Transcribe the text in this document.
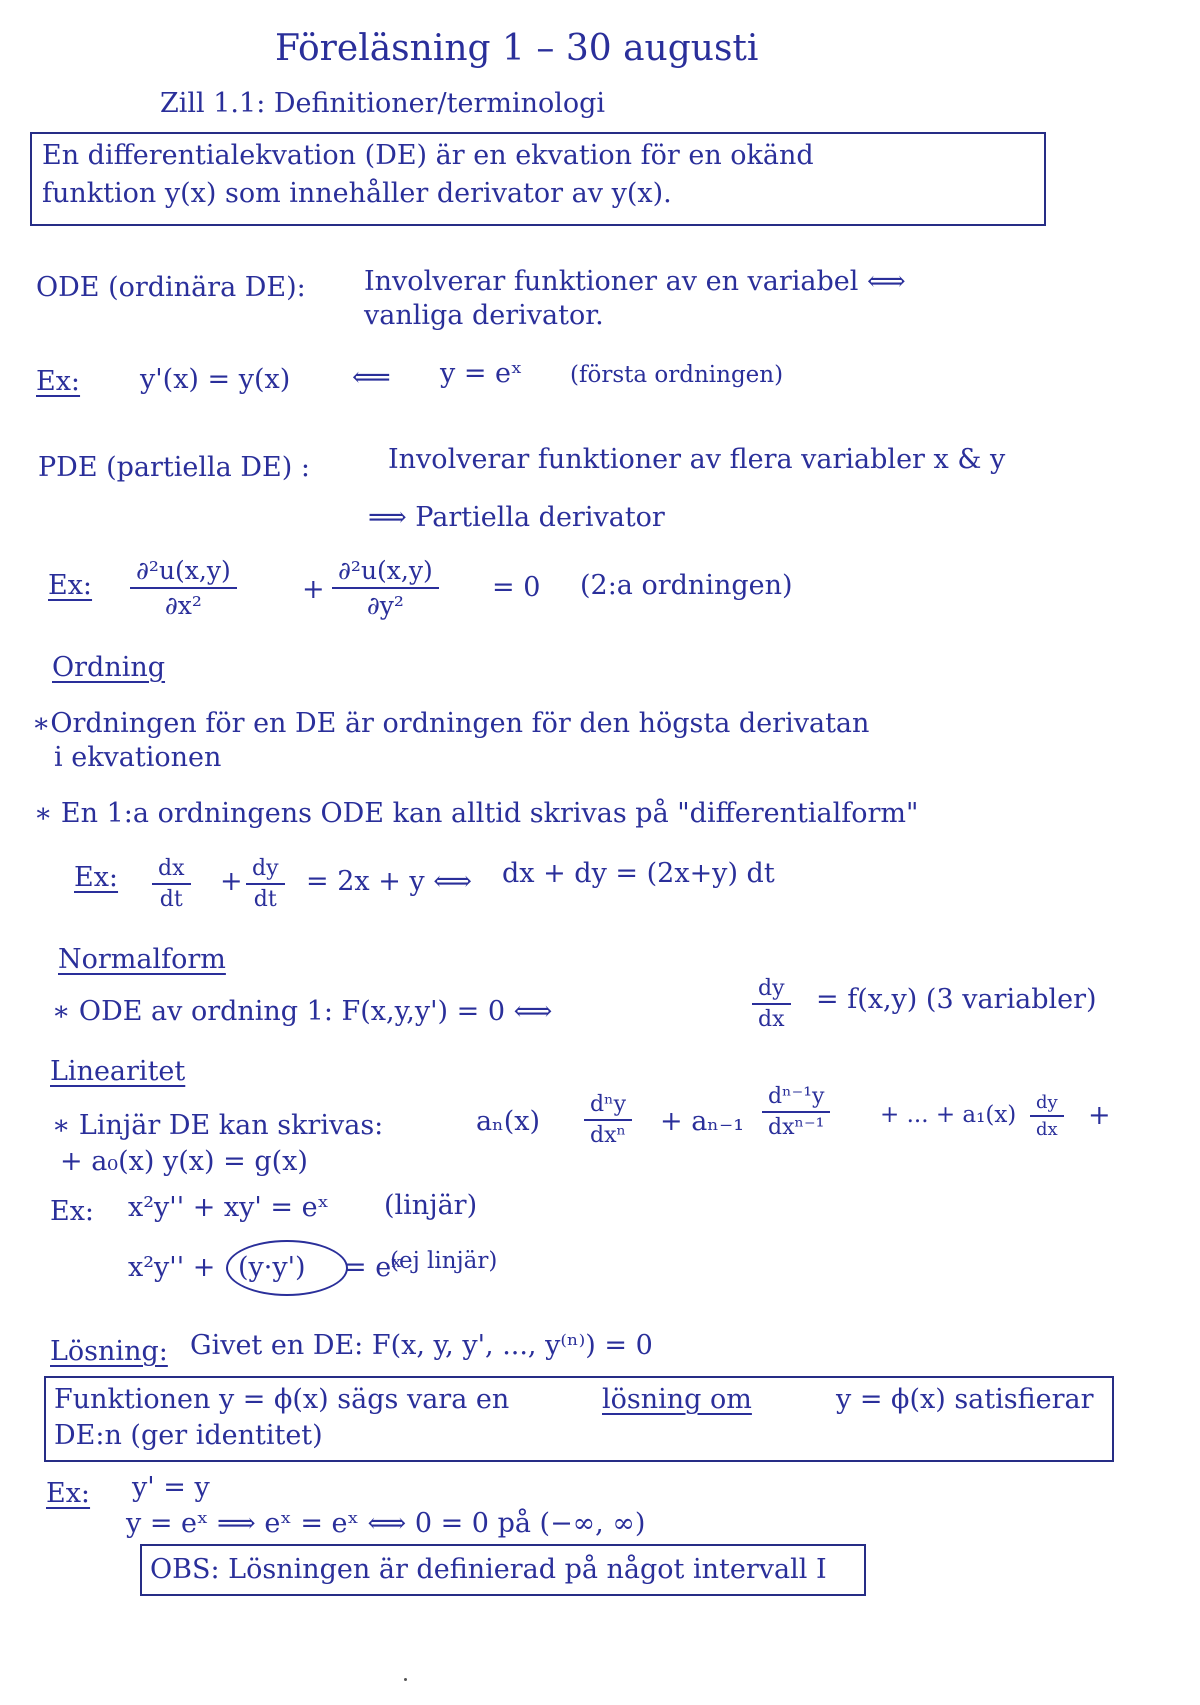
Föreläsning 1 – 30 augusti
Zill 1.1: Definitioner/terminologi
En differentialekvation (DE) är en ekvation för en okänd
funktion y(x) som innehåller derivator av y(x).
ODE (ordinära DE): Involverar funktioner av en variabel ⟺
vanliga derivator.
Ex: y'(x) = y(x) ⟸ y = eˣ (första ordningen)
PDE (partiella DE) :	Involverar funktioner av flera variabler x & y
⟹ Partiella derivator
Ex: $\frac{\text{∂²u(x,y)}}{\text{∂x²}} + \frac{\text{∂²u(x,y)}}{\text{∂y²}} = 0$ (2:a ordningen)
Ordning
∗Ordningen för en DE är ordningen för den högsta derivatan
i ekvationen
∗ En 1:a ordningens ODE kan alltid skrivas på "differentialform"
Ex: $\frac{dx}{dt} + \frac{dy}{dt} = 2x + y$ ⟺ dx + dy = (2x+y) dt
Normalform
∗ ODE av ordning 1: F(x,y,y') = 0 ⟺	$\frac{dy}{dx} = f(x,y)$ (3 variabler)
Linearitet
∗ Linjär DE kan skrivas:	aₙ(x)
dⁿy
dxⁿ + aₙ₋₁
dⁿ⁻¹y
dxⁿ⁻¹ + ... + $a_1(x) \frac{dy}{dx}$ +
+ a₀(x) y(x) = g(x)
Ex: x²y'' + xy' = eˣ (linjär)
x²y'' + (y·y') = eˣ
(ej linjär)
Lösning: Givet en DE: F(x, y, y', ..., y⁽ⁿ⁾) = 0
Funktionen y = ϕ(x) sägs vara en	lösning om	y = ϕ(x) satisfierar
DE:n (ger identitet)
Ex: y' = y
y = eˣ ⟹ eˣ = eˣ ⟺ 0 = 0 på (−∞, ∞)
OBS: Lösningen är definierad på något intervall I
